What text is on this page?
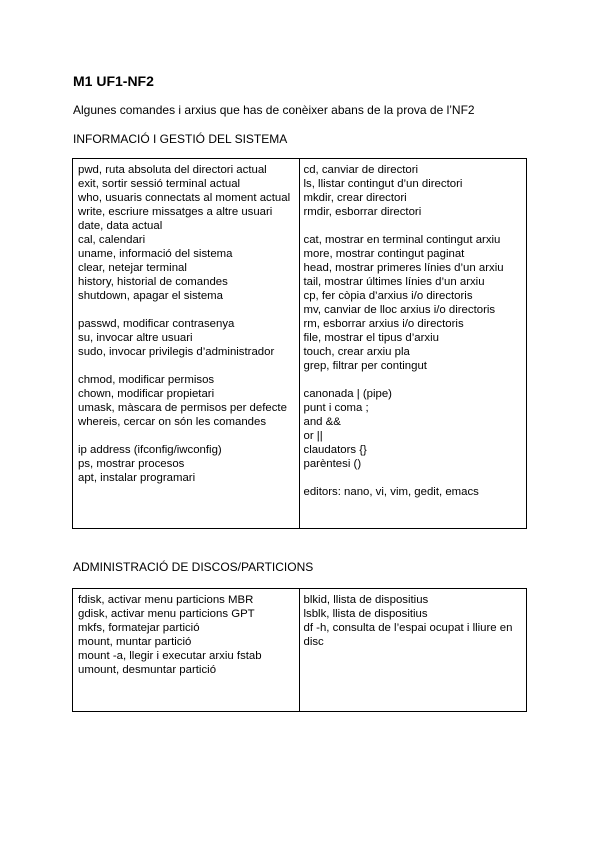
M1 UF1-NF2

Algunes comandes i arxius que has de conèixer abans de la prova de l’NF2

INFORMACIÓ I GESTIÓ DEL SISTEMA

pwd, ruta absoluta del directori actual
exit, sortir sessió terminal actual
who, usuaris connectats al moment actual
write, escriure missatges a altre usuari
date, data actual
cal, calendari
uname, informació del sistema
clear, netejar terminal
history, historial de comandes
shutdown, apagar el sistema
passwd, modificar contrasenya
su, invocar altre usuari
sudo, invocar privilegis d’administrador
chmod, modificar permisos
chown, modificar propietari
umask, màscara de permisos per defecte
whereis, cercar on són les comandes
ip address (ifconfig/iwconfig)
ps, mostrar procesos
apt, instalar programari
cd, canviar de directori
ls, llistar contingut d’un directori
mkdir, crear directori
rmdir, esborrar directori
cat, mostrar en terminal contingut arxiu
more, mostrar contingut paginat
head, mostrar primeres línies d’un arxiu
tail, mostrar últimes línies d’un arxiu
cp, fer còpia d’arxius i/o directoris
mv, canviar de lloc arxius i/o directoris
rm, esborrar arxius i/o directoris
file, mostrar el tipus d’arxiu
touch, crear arxiu pla
grep, filtrar per contingut
canonada | (pipe)
punt i coma ;
and &&
or ||
claudators {}
parèntesi ()
editors: nano, vi, vim, gedit, emacs

ADMINISTRACIÓ DE DISCOS/PARTICIONS

fdisk, activar menu particions MBR
gdisk, activar menu particions GPT
mkfs, formatejar partició
mount, muntar partició
mount -a, llegir i executar arxiu fstab
umount, desmuntar partició
blkid, llista de dispositius
lsblk, llista de dispositius
df -h, consulta de l’espai ocupat i lliure en disc
